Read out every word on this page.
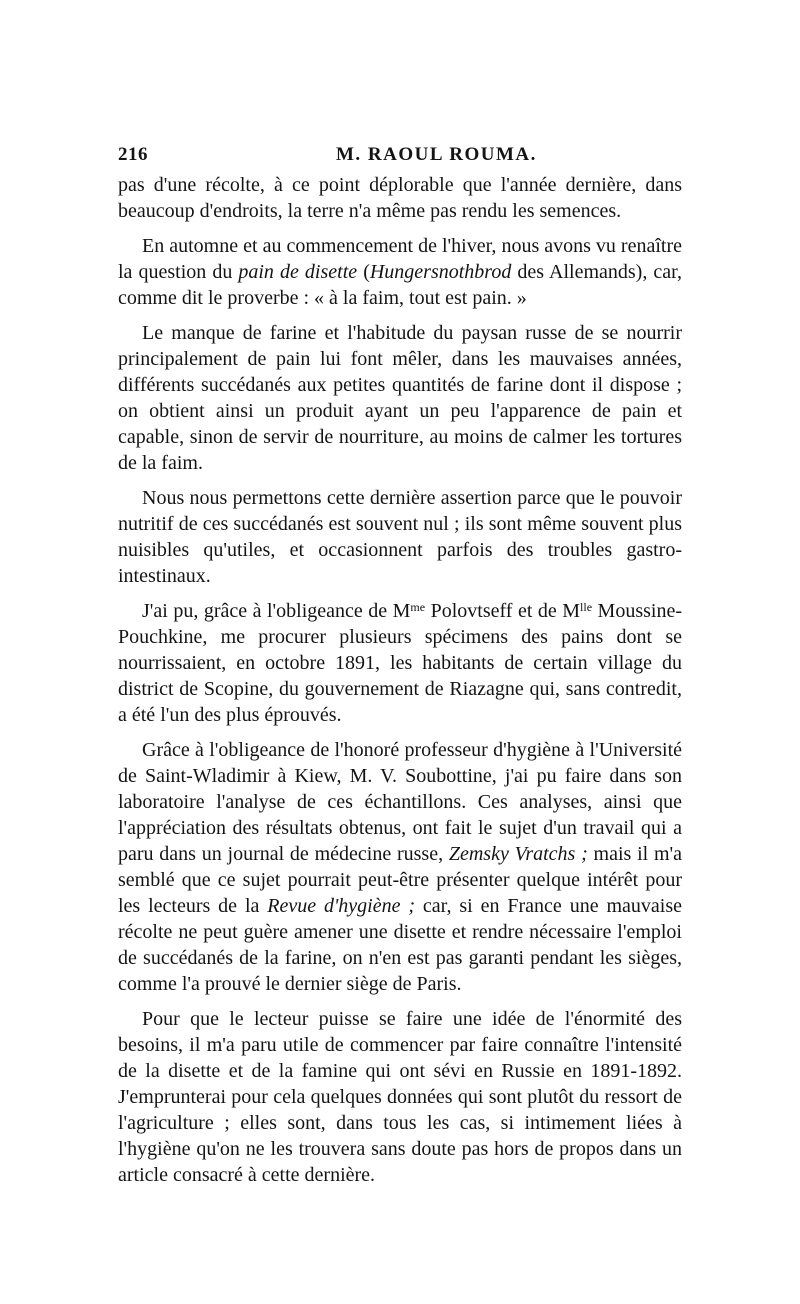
216	M. RAOUL ROUMA.

pas d'une récolte, à ce point déplorable que l'année dernière, dans beaucoup d'endroits, la terre n'a même pas rendu les semences.

En automne et au commencement de l'hiver, nous avons vu renaître la question du pain de disette (Hungersnothbrod des Allemands), car, comme dit le proverbe : « à la faim, tout est pain. »

Le manque de farine et l'habitude du paysan russe de se nourrir principalement de pain lui font mêler, dans les mauvaises années, différents succédanés aux petites quantités de farine dont il dispose ; on obtient ainsi un produit ayant un peu l'apparence de pain et capable, sinon de servir de nourriture, au moins de calmer les tortures de la faim.

Nous nous permettons cette dernière assertion parce que le pouvoir nutritif de ces succédanés est souvent nul ; ils sont même souvent plus nuisibles qu'utiles, et occasionnent parfois des troubles gastro-intestinaux.

J'ai pu, grâce à l'obligeance de $M^{me}$ Polovtseff et de $M^{lle}$ Moussine-Pouchkine, me procurer plusieurs spécimens des pains dont se nourrissaient, en octobre 1891, les habitants de certain village du district de Scopine, du gouvernement de Riazagne qui, sans contredit, a été l'un des plus éprouvés.

Grâce à l'obligeance de l'honoré professeur d'hygiène à l'Université de Saint-Wladimir à Kiew, M. V. Soubottine, j'ai pu faire dans son laboratoire l'analyse de ces échantillons. Ces analyses, ainsi que l'appréciation des résultats obtenus, ont fait le sujet d'un travail qui a paru dans un journal de médecine russe, Zemsky Vratchs ; mais il m'a semblé que ce sujet pourrait peut-être présenter quelque intérêt pour les lecteurs de la Revue d'hygiène ; car, si en France une mauvaise récolte ne peut guère amener une disette et rendre nécessaire l'emploi de succédanés de la farine, on n'en est pas garanti pendant les sièges, comme l'a prouvé le dernier siège de Paris.

Pour que le lecteur puisse se faire une idée de l'énormité des besoins, il m'a paru utile de commencer par faire connaître l'intensité de la disette et de la famine qui ont sévi en Russie en 1891-1892. J'emprunterai pour cela quelques données qui sont plutôt du ressort de l'agriculture ; elles sont, dans tous les cas, si intimement liées à l'hygiène qu'on ne les trouvera sans doute pas hors de propos dans un article consacré à cette dernière.
